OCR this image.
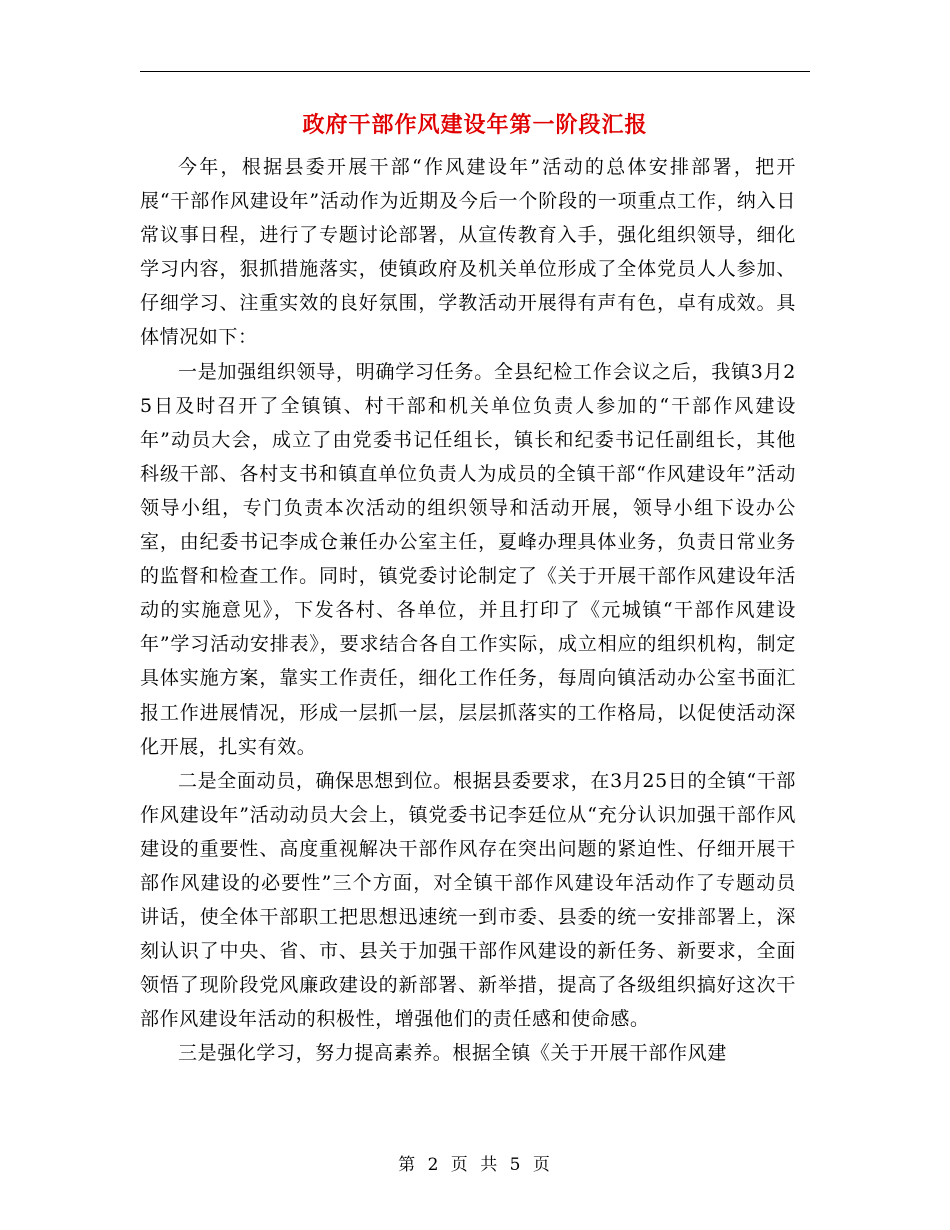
政府干部作风建设年第一阶段汇报

今年，根据县委开展干部“作风建设年”活动的总体安排部署，把开展“干部作风建设年”活动作为近期及今后一个阶段的一项重点工作，纳入日常议事日程，进行了专题讨论部署，从宣传教育入手，强化组织领导，细化学习内容，狠抓措施落实，使镇政府及机关单位形成了全体党员人人参加、仔细学习、注重实效的良好氛围，学教活动开展得有声有色，卓有成效。具体情况如下：

一是加强组织领导，明确学习任务。全县纪检工作会议之后，我镇3月25日及时召开了全镇镇、村干部和机关单位负责人参加的“干部作风建设年”动员大会，成立了由党委书记任组长，镇长和纪委书记任副组长，其他科级干部、各村支书和镇直单位负责人为成员的全镇干部“作风建设年”活动领导小组，专门负责本次活动的组织领导和活动开展，领导小组下设办公室，由纪委书记李成仓兼任办公室主任，夏峰办理具体业务，负责日常业务的监督和检查工作。同时，镇党委讨论制定了《关于开展干部作风建设年活动的实施意见》，下发各村、各单位，并且打印了《元城镇“干部作风建设年”学习活动安排表》，要求结合各自工作实际，成立相应的组织机构，制定具体实施方案，靠实工作责任，细化工作任务，每周向镇活动办公室书面汇报工作进展情况，形成一层抓一层，层层抓落实的工作格局，以促使活动深化开展，扎实有效。

二是全面动员，确保思想到位。根据县委要求，在3月25日的全镇“干部作风建设年”活动动员大会上，镇党委书记李廷位从“充分认识加强干部作风建设的重要性、高度重视解决干部作风存在突出问题的紧迫性、仔细开展干部作风建设的必要性”三个方面，对全镇干部作风建设年活动作了专题动员讲话，使全体干部职工把思想迅速统一到市委、县委的统一安排部署上，深刻认识了中央、省、市、县关于加强干部作风建设的新任务、新要求，全面领悟了现阶段党风廉政建设的新部署、新举措，提高了各级组织搞好这次干部作风建设年活动的积极性，增强他们的责任感和使命感。

三是强化学习，努力提高素养。根据全镇《关于开展干部作风建

第 2 页 共 5 页
